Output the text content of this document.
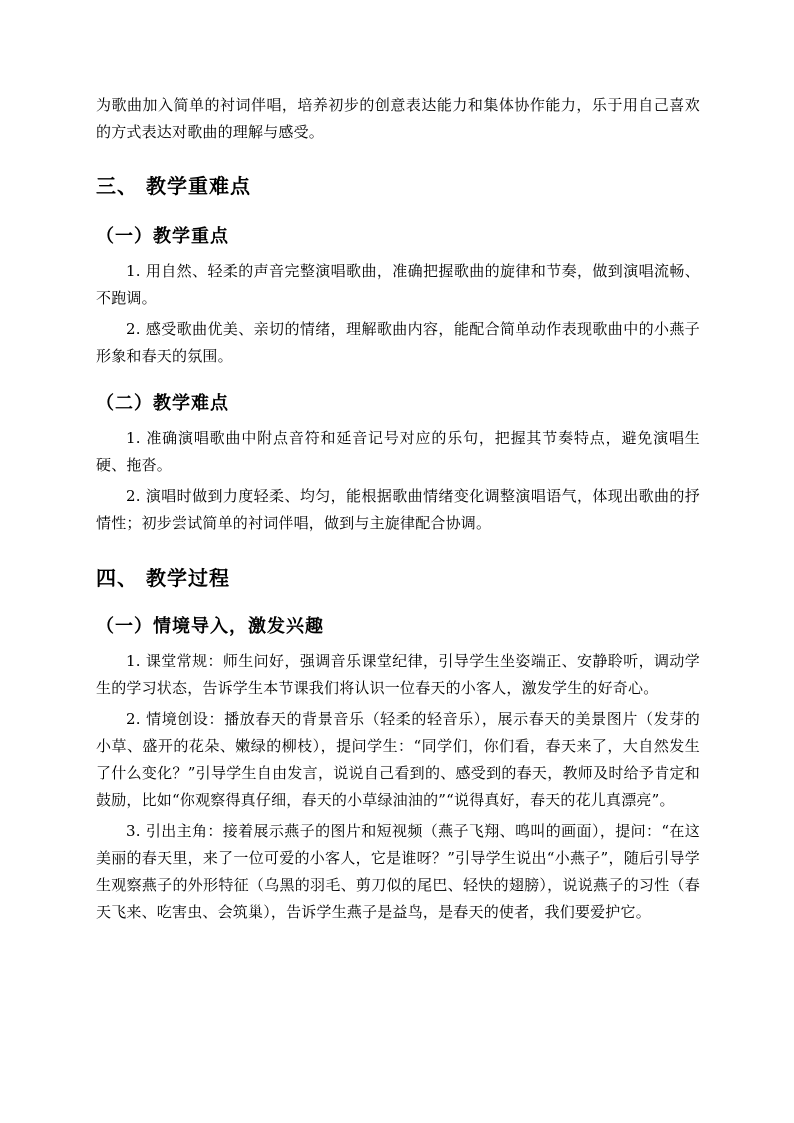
为歌曲加入简单的衬词伴唱，培养初步的创意表达能力和集体协作能力，乐于用自己喜欢的方式表达对歌曲的理解与感受。

三、 教学重难点
（一）教学重点

1. 用自然、轻柔的声音完整演唱歌曲，准确把握歌曲的旋律和节奏，做到演唱流畅、不跑调。

2. 感受歌曲优美、亲切的情绪，理解歌曲内容，能配合简单动作表现歌曲中的小燕子形象和春天的氛围。

（二）教学难点

1. 准确演唱歌曲中附点音符和延音记号对应的乐句，把握其节奏特点，避免演唱生硬、拖沓。

2. 演唱时做到力度轻柔、均匀，能根据歌曲情绪变化调整演唱语气，体现出歌曲的抒情性；初步尝试简单的衬词伴唱，做到与主旋律配合协调。

四、 教学过程
（一）情境导入，激发兴趣

1. 课堂常规：师生问好，强调音乐课堂纪律，引导学生坐姿端正、安静聆听，调动学生的学习状态，告诉学生本节课我们将认识一位春天的小客人，激发学生的好奇心。

2. 情境创设：播放春天的背景音乐（轻柔的轻音乐），展示春天的美景图片（发芽的小草、盛开的花朵、嫩绿的柳枝），提问学生：“同学们，你们看，春天来了，大自然发生了什么变化？”引导学生自由发言，说说自己看到的、感受到的春天，教师及时给予肯定和鼓励，比如“你观察得真仔细，春天的小草绿油油的”“说得真好，春天的花儿真漂亮”。

3. 引出主角：接着展示燕子的图片和短视频（燕子飞翔、鸣叫的画面），提问：“在这美丽的春天里，来了一位可爱的小客人，它是谁呀？”引导学生说出“小燕子”，随后引导学生观察燕子的外形特征（乌黑的羽毛、剪刀似的尾巴、轻快的翅膀），说说燕子的习性（春天飞来、吃害虫、会筑巢），告诉学生燕子是益鸟，是春天的使者，我们要爱护它。
